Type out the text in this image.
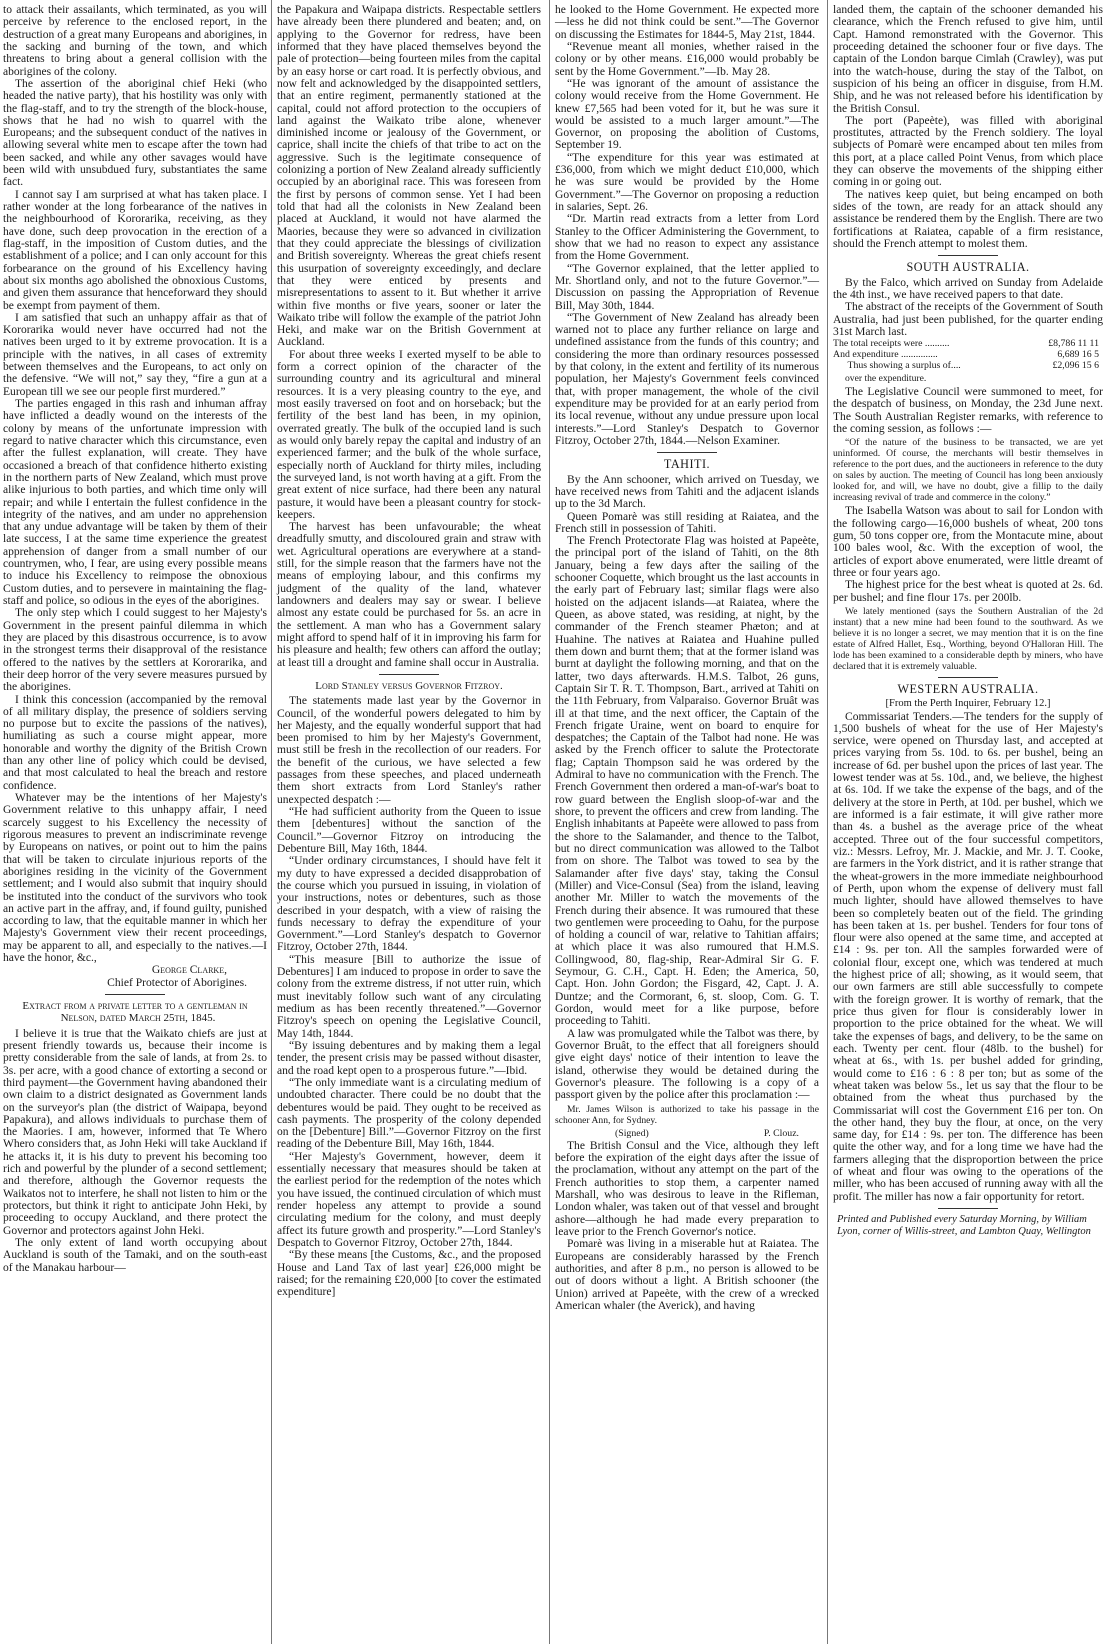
to attack their assailants, which terminated, as you will perceive by reference to the enclosed report, in the destruction of a great many Europeans and aborigines, in the sacking and burning of the town, and which threatens to bring about a general collision with the aborigines of the colony.
The assertion of the aboriginal chief Heki (who headed the native party), that his hostility was only with the flag-staff, and to try the strength of the block-house, shows that he had no wish to quarrel with the Europeans; and the subsequent conduct of the natives in allowing several white men to escape after the town had been sacked, and while any other savages would have been wild with unsubdued fury, substantiates the same fact.
I cannot say I am surprised at what has taken place. I rather wonder at the long forbearance of the natives in the neighbourhood of Kororarika, receiving, as they have done, such deep provocation in the erection of a flag-staff, in the imposition of Custom duties, and the establishment of a police; and I can only account for this forbearance on the ground of his Excellency having about six months ago abolished the obnoxious Customs, and given them assurance that henceforward they should be exempt from payment of them.
I am satisfied that such an unhappy affair as that of Kororarika would never have occurred had not the natives been urged to it by extreme provocation. It is a principle with the natives, in all cases of extremity between themselves and the Europeans, to act only on the defensive. “We will not,” say they, “fire a gun at a European till we see our people first murdered.”
The parties engaged in this rash and inhuman affray have inflicted a deadly wound on the interests of the colony by means of the unfortunate impression with regard to native character which this circumstance, even after the fullest explanation, will create. They have occasioned a breach of that confidence hitherto existing in the northern parts of New Zealand, which must prove alike injurious to both parties, and which time only will repair; and while I entertain the fullest confidence in the integrity of the natives, and am under no apprehension that any undue advantage will be taken by them of their late success, I at the same time experience the greatest apprehension of danger from a small number of our countrymen, who, I fear, are using every possible means to induce his Excellency to reimpose the obnoxious Custom duties, and to persevere in maintaining the flag-staff and police, so odious in the eyes of the aborigines.
The only step which I could suggest to her Majesty's Government in the present painful dilemma in which they are placed by this disastrous occurrence, is to avow in the strongest terms their disapproval of the resistance offered to the natives by the settlers at Kororarika, and their deep horror of the very severe measures pursued by the aborigines.
I think this concession (accompanied by the removal of all military display, the presence of soldiers serving no purpose but to excite the passions of the natives), humiliating as such a course might appear, more honorable and worthy the dignity of the British Crown than any other line of policy which could be devised, and that most calculated to heal the breach and restore confidence.
Whatever may be the intentions of her Majesty's Government relative to this unhappy affair, I need scarcely suggest to his Excellency the necessity of rigorous measures to prevent an indiscriminate revenge by Europeans on natives, or point out to him the pains that will be taken to circulate injurious reports of the aborigines residing in the vicinity of the Government settlement; and I would also submit that inquiry should be instituted into the conduct of the survivors who took an active part in the affray, and, if found guilty, punished according to law, that the equitable manner in which her Majesty's Government view their recent proceedings, may be apparent to all, and especially to the natives.—I have the honor, &c.,
George Clarke,
Chief Protector of Aborigines.
Extract from a private letter to a gentleman in Nelson, dated March 25th, 1845.
I believe it is true that the Waikato chiefs are just at present friendly towards us, because their income is pretty considerable from the sale of lands, at from 2s. to 3s. per acre, with a good chance of extorting a second or third payment—the Government having abandoned their own claim to a district designated as Government lands on the surveyor's plan (the district of Waipapa, beyond Papakura), and allows individuals to purchase them of the Maories. I am, however, informed that Te Whero Whero considers that, as John Heki will take Auckland if he attacks it, it is his duty to prevent his becoming too rich and powerful by the plunder of a second settlement; and therefore, although the Governor requests the Waikatos not to interfere, he shall not listen to him or the protectors, but think it right to anticipate John Heki, by proceeding to occupy Auckland, and there protect the Governor and protectors against John Heki.
The only extent of land worth occupying about Auckland is south of the Tamaki, and on the south-east of the Manakau harbour—
the Papakura and Waipapa districts. Respectable settlers have already been there plundered and beaten; and, on applying to the Governor for redress, have been informed that they have placed themselves beyond the pale of protection—being fourteen miles from the capital by an easy horse or cart road. It is perfectly obvious, and now felt and acknowledged by the disappointed settlers, that an entire regiment, permanently stationed at the capital, could not afford protection to the occupiers of land against the Waikato tribe alone, whenever diminished income or jealousy of the Government, or caprice, shall incite the chiefs of that tribe to act on the aggressive. Such is the legitimate consequence of colonizing a portion of New Zealand already sufficiently occupied by an aboriginal race. This was foreseen from the first by persons of common sense. Yet I had been told that had all the colonists in New Zealand been placed at Auckland, it would not have alarmed the Maories, because they were so advanced in civilization that they could appreciate the blessings of civilization and British sovereignty. Whereas the great chiefs resent this usurpation of sovereignty exceedingly, and declare that they were enticed by presents and misrepresentations to assent to it. But whether it arrive within five months or five years, sooner or later the Waikato tribe will follow the example of the patriot John Heki, and make war on the British Government at Auckland.
For about three weeks I exerted myself to be able to form a correct opinion of the character of the surrounding country and its agricultural and mineral resources. It is a very pleasing country to the eye, and most easily traversed on foot and on horseback; but the fertility of the best land has been, in my opinion, overrated greatly. The bulk of the occupied land is such as would only barely repay the capital and industry of an experienced farmer; and the bulk of the whole surface, especially north of Auckland for thirty miles, including the surveyed land, is not worth having at a gift. From the great extent of nice surface, had there been any natural pasture, it would have been a pleasant country for stock-keepers.
The harvest has been unfavourable; the wheat dreadfully smutty, and discoloured grain and straw with wet. Agricultural operations are everywhere at a stand-still, for the simple reason that the farmers have not the means of employing labour, and this confirms my judgment of the quality of the land, whatever landowners and dealers may say or swear. I believe almost any estate could be purchased for 5s. an acre in the settlement. A man who has a Government salary might afford to spend half of it in improving his farm for his pleasure and health; few others can afford the outlay; at least till a drought and famine shall occur in Australia.
Lord Stanley versus Governor Fitzroy.
The statements made last year by the Governor in Council, of the wonderful powers delegated to him by her Majesty, and the equally wonderful support that had been promised to him by her Majesty's Government, must still be fresh in the recollection of our readers. For the benefit of the curious, we have selected a few passages from these speeches, and placed underneath them short extracts from Lord Stanley's rather unexpected despatch :—
“He had sufficient authority from the Queen to issue them [debentures] without the sanction of the Council.”—Governor Fitzroy on introducing the Debenture Bill, May 16th, 1844.
“Under ordinary circumstances, I should have felt it my duty to have expressed a decided disapprobation of the course which you pursued in issuing, in violation of your instructions, notes or debentures, such as those described in your despatch, with a view of raising the funds necessary to defray the expenditure of your Government.”—Lord Stanley's despatch to Governor Fitzroy, October 27th, 1844.
“This measure [Bill to authorize the issue of Debentures] I am induced to propose in order to save the colony from the extreme distress, if not utter ruin, which must inevitably follow such want of any circulating medium as has been recently threatened.”—Governor Fitzroy's speech on opening the Legislative Council, May 14th, 1844.
“By issuing debentures and by making them a legal tender, the present crisis may be passed without disaster, and the road kept open to a prosperous future.”—Ibid.
“The only immediate want is a circulating medium of undoubted character. There could be no doubt that the debentures would be paid. They ought to be received as cash payments. The prosperity of the colony depended on the [Debenture] Bill.”—Governor Fitzroy on the first reading of the Debenture Bill, May 16th, 1844.
“Her Majesty's Government, however, deem it essentially necessary that measures should be taken at the earliest period for the redemption of the notes which you have issued, the continued circulation of which must render hopeless any attempt to provide a sound circulating medium for the colony, and must deeply affect its future growth and prosperity.”—Lord Stanley's Despatch to Governor Fitzroy, October 27th, 1844.
“By these means [the Customs, &c., and the proposed House and Land Tax of last year] £26,000 might be raised; for the remaining £20,000 [to cover the estimated expenditure]
he looked to the Home Government. He expected more—less he did not think could be sent.”—The Governor on discussing the Estimates for 1844-5, May 21st, 1844.
“Revenue meant all monies, whether raised in the colony or by other means. £16,000 would probably be sent by the Home Government.”—Ib. May 28.
“He was ignorant of the amount of assistance the colony would receive from the Home Government. He knew £7,565 had been voted for it, but he was sure it would be assisted to a much larger amount.”—The Governor, on proposing the abolition of Customs, September 19.
“The expenditure for this year was estimated at £36,000, from which we might deduct £10,000, which he was sure would be provided by the Home Government.”—The Governor on proposing a reduction in salaries, Sept. 26.
“Dr. Martin read extracts from a letter from Lord Stanley to the Officer Administering the Government, to show that we had no reason to expect any assistance from the Home Government.
“The Governor explained, that the letter applied to Mr. Shortland only, and not to the future Governor.”—Discussion on passing the Appropriation of Revenue Bill, May 30th, 1844.
“The Government of New Zealand has already been warned not to place any further reliance on large and undefined assistance from the funds of this country; and considering the more than ordinary resources possessed by that colony, in the extent and fertility of its numerous population, her Majesty's Government feels convinced that, with proper management, the whole of the civil expenditure may be provided for at an early period from its local revenue, without any undue pressure upon local interests.”—Lord Stanley's Despatch to Governor Fitzroy, October 27th, 1844.—Nelson Examiner.
TAHITI.
By the Ann schooner, which arrived on Tuesday, we have received news from Tahiti and the adjacent islands up to the 3d March.
Queen Pomarè was still residing at Raiatea, and the French still in possession of Tahiti.
The French Protectorate Flag was hoisted at Papeète, the principal port of the island of Tahiti, on the 8th January, being a few days after the sailing of the schooner Coquette, which brought us the last accounts in the early part of February last; similar flags were also hoisted on the adjacent islands—at Raiatea, where the Queen, as above stated, was residing, at night, by the commander of the French steamer Phæton; and at Huahine. The natives at Raiatea and Huahine pulled them down and burnt them; that at the former island was burnt at daylight the following morning, and that on the latter, two days afterwards. H.M.S. Talbot, 26 guns, Captain Sir T. R. T. Thompson, Bart., arrived at Tahiti on the 11th February, from Valparaiso. Governor Bruât was ill at that time, and the next officer, the Captain of the French frigate Uraine, went on board to enquire for despatches; the Captain of the Talbot had none. He was asked by the French officer to salute the Protectorate flag; Captain Thompson said he was ordered by the Admiral to have no communication with the French. The French Government then ordered a man-of-war's boat to row guard between the English sloop-of-war and the shore, to prevent the officers and crew from landing. The English inhabitants at Papeète were allowed to pass from the shore to the Salamander, and thence to the Talbot, but no direct communication was allowed to the Talbot from on shore. The Talbot was towed to sea by the Salamander after five days' stay, taking the Consul (Miller) and Vice-Consul (Sea) from the island, leaving another Mr. Miller to watch the movements of the French during their absence. It was rumoured that these two gentlemen were proceeding to Oahu, for the purpose of holding a council of war, relative to Tahitian affairs; at which place it was also rumoured that H.M.S. Collingwood, 80, flag-ship, Rear-Admiral Sir G. F. Seymour, G. C.H., Capt. H. Eden; the America, 50, Capt. Hon. John Gordon; the Fisgard, 42, Capt. J. A. Duntze; and the Cormorant, 6, st. sloop, Com. G. T. Gordon, would meet for a like purpose, before proceeding to Tahiti.
A law was promulgated while the Talbot was there, by Governor Bruât, to the effect that all foreigners should give eight days' notice of their intention to leave the island, otherwise they would be detained during the Governor's pleasure. The following is a copy of a passport given by the police after this proclamation :—
Mr. James Wilson is authorized to take his passage in the schooner Ann, for Sydney.
(Signed)	P. Clouz.
The British Consul and the Vice, although they left before the expiration of the eight days after the issue of the proclamation, without any attempt on the part of the French authorities to stop them, a carpenter named Marshall, who was desirous to leave in the Rifleman, London whaler, was taken out of that vessel and brought ashore—although he had made every preparation to leave prior to the French Governor's notice.
Pomarè was living in a miserable hut at Raiatea. The Europeans are considerably harassed by the French authorities, and after 8 p.m., no person is allowed to be out of doors without a light. A British schooner (the Union) arrived at Papeète, with the crew of a wrecked American whaler (the Averick), and having
landed them, the captain of the schooner demanded his clearance, which the French refused to give him, until Capt. Hamond remonstrated with the Governor. This proceeding detained the schooner four or five days. The captain of the London barque Cimlah (Crawley), was put into the watch-house, during the stay of the Talbot, on suspicion of his being an officer in disguise, from H.M. Ship, and he was not released before his identification by the British Consul.
The port (Papeète), was filled with aboriginal prostitutes, attracted by the French soldiery. The loyal subjects of Pomarè were encamped about ten miles from this port, at a place called Point Venus, from which place they can observe the movements of the shipping either coming in or going out.
The natives keep quiet, but being encamped on both sides of the town, are ready for an attack should any assistance be rendered them by the English. There are two fortifications at Raiatea, capable of a firm resistance, should the French attempt to molest them.
SOUTH AUSTRALIA.
By the Falco, which arrived on Sunday from Adelaide the 4th inst., we have received papers to that date.
The abstract of the receipts of the Government of South Australia, had just been published, for the quarter ending 31st March last.
The total receipts were ..........	£8,786 11 11
And expenditure ...............	6,689 16 5
Thus showing a surplus of....	£2,096 15 6
over the expenditure.
The Legislative Council were summoned to meet, for the despatch of business, on Monday, the 23d June next. The South Australian Register remarks, with reference to the coming session, as follows :—
“Of the nature of the business to be transacted, we are yet uninformed. Of course, the merchants will bestir themselves in reference to the port dues, and the auctioneers in reference to the duty on sales by auction. The meeting of Council has long been anxiously looked for, and will, we have no doubt, give a fillip to the daily increasing revival of trade and commerce in the colony.”
The Isabella Watson was about to sail for London with the following cargo—16,000 bushels of wheat, 200 tons gum, 50 tons copper ore, from the Montacute mine, about 100 bales wool, &c. With the exception of wool, the articles of export above enumerated, were little dreamt of three or four years ago.
The highest price for the best wheat is quoted at 2s. 6d. per bushel; and fine flour 17s. per 200lb.
We lately mentioned (says the Southern Australian of the 2d instant) that a new mine had been found to the southward. As we believe it is no longer a secret, we may mention that it is on the fine estate of Alfred Hallet, Esq., Worthing, beyond O'Halloran Hill. The lode has been examined to a considerable depth by miners, who have declared that it is extremely valuable.
WESTERN AUSTRALIA.
[From the Perth Inquirer, February 12.]
Commissariat Tenders.—The tenders for the supply of 1,500 bushels of wheat for the use of Her Majesty's service, were opened on Thursday last, and accepted at prices varying from 5s. 10d. to 6s. per bushel, being an increase of 6d. per bushel upon the prices of last year. The lowest tender was at 5s. 10d., and, we believe, the highest at 6s. 10d. If we take the expense of the bags, and of the delivery at the store in Perth, at 10d. per bushel, which we are informed is a fair estimate, it will give rather more than 4s. a bushel as the average price of the wheat accepted. Three out of the four successful competitors, viz.: Messrs. Lefroy, Mr. J. Mackie, and Mr. J. T. Cooke, are farmers in the York district, and it is rather strange that the wheat-growers in the more immediate neighbourhood of Perth, upon whom the expense of delivery must fall much lighter, should have allowed themselves to have been so completely beaten out of the field. The grinding has been taken at 1s. per bushel. Tenders for four tons of flour were also opened at the same time, and accepted at £14 : 9s. per ton. All the samples forwarded were of colonial flour, except one, which was tendered at much the highest price of all; showing, as it would seem, that our own farmers are still able successfully to compete with the foreign grower. It is worthy of remark, that the price thus given for flour is considerably lower in proportion to the price obtained for the wheat. We will take the expenses of bags, and delivery, to be the same on each. Twenty per cent. flour (48lb. to the bushel) for wheat at 6s., with 1s. per bushel added for grinding, would come to £16 : 6 : 8 per ton; but as some of the wheat taken was below 5s., let us say that the flour to be obtained from the wheat thus purchased by the Commissariat will cost the Government £16 per ton. On the other hand, they buy the flour, at once, on the very same day, for £14 : 9s. per ton. The difference has been quite the other way, and for a long time we have had the farmers alleging that the disproportion between the price of wheat and flour was owing to the operations of the miller, who has been accused of running away with all the profit. The miller has now a fair opportunity for retort.
Printed and Published every Saturday Morning, by William Lyon, corner of Willis-street, and Lambton Quay, Wellington
